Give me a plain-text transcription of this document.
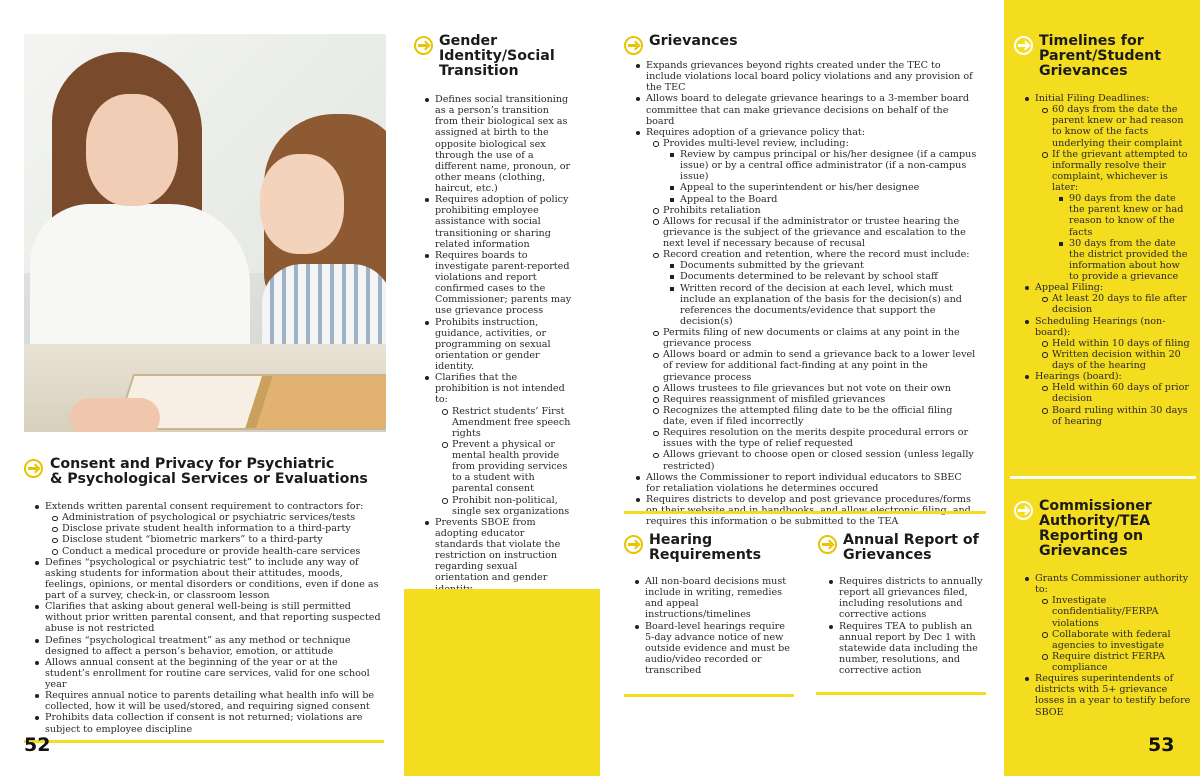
Consent and Privacy for Psychiatric
& Psychological Services or Evaluations
Extends written parental consent requirement to contractors for:
Administration of psychological or psychiatric services/tests
Disclose private student health information to a third-party
Disclose student “biometric markers” to a third-party
Conduct a medical procedure or provide health-care services
Defines “psychological or psychiatric test” to include any way of asking students for information about their attitudes, moods, feelings, opinions, or mental disorders or conditions, even if done as part of a survey, check-in, or classroom lesson
Clarifies that asking about general well-being is still permitted without prior written parental consent, and that reporting suspected abuse is not restricted
Defines “psychological treatment” as any method or technique designed to affect a person’s behavior, emotion, or attitude
Allows annual consent at the beginning of the year or at the student’s enrollment for routine care services, valid for one school year
Requires annual notice to parents detailing what health info will be collected, how it will be used/stored, and requiring signed consent
Prohibits data collection if consent is not returned; violations are subject to employee discipline
52
Gender
Identity/Social
Transition
Defines social transitioning as a person’s transition from their biological sex as assigned at birth to the opposite biological sex through the use of a different name, pronoun, or other means (clothing, haircut, etc.)
Requires adoption of policy prohibiting employee assistance with social transitioning or sharing related information
Requires boards to investigate parent-reported violations and report confirmed cases to the Commissioner; parents may use grievance process
Prohibits instruction, guidance, activities, or programming on sexual orientation or gender identity.
Clarifies that the prohibition is not intended to:
Restrict students’ First Amendment free speech rights
Prevent a physical or mental health provide from providing services to a student with parental consent
Prohibit non-political, single sex organizations
Prevents SBOE from adopting educator standards that violate the restriction on instruction regarding sexual orientation and gender
Grievances
Expands grievances beyond rights created under the TEC to include violations local board policy violations and any provision of the TEC
Allows board to delegate grievance hearings to a 3-member board committee that can make grievance decisions on behalf of the board
Requires adoption of a grievance policy that:
Provides multi-level review, including:
Review by campus principal or his/her designee (if a campus issue) or by a central office administrator (if a non-campus issue)
Appeal to the superintendent or his/her designee
Appeal to the Board
Prohibits retaliation
Allows for recusal if the administrator or trustee hearing the grievance is the subject of the grievance and escalation to the next level if necessary because of recusal
Record creation and retention, where the record must include:
Documents submitted by the grievant
Documents determined to be relevant by school staff
Written record of the decision at each level, which must include an explanation of the basis for the decision(s) and references the documents/evidence that support the decision(s)
Permits filing of new documents or claims at any point in the grievance process
Allows board or admin to send a grievance back to a lower level of review for additional fact-finding at any point in the grievance process
Allows trustees to file grievances but not vote on their own
Requires reassignment of misfiled grievances
Recognizes the attempted filing date to be the official filing date, even if filed incorrectly
Requires resolution on the merits despite procedural errors or issues with the type of relief requested
Allows grievant to choose open or closed session (unless legally restricted)
Allows the Commissioner to report individual educators to SBEC for retaliation violations he determines occured
Requires districts to develop and post grievance procedures/forms requires this information o be submitted to the TEA
Hearing
Requirements
All non-board decisions must include in writing, remedies and appeal instructions/timelines
Board-level hearings require 5-day advance notice of new outside evidence and must be audio/video recorded or transcribed
Annual Report of
Grievances
Requires districts to annually report all grievances filed, including resolutions and corrective actions
Requires TEA to publish an annual report by Dec 1 with statewide data including the number, resolutions, and corrective action
Timelines for
Parent/Student
Grievances
Initial Filing Deadlines:
60 days from the date the parent knew or had reason to know of the facts underlying their complaint
If the grievant attempted to informally resolve their complaint, whichever is later:
90 days from the date the parent knew or had reason to know of the facts
30 days from the date the district provided the information about how to provide a grievance
Appeal Filing:
At least 20 days to file after decision
Scheduling Hearings (non-board):
Held within 10 days of filing
Written decision within 20 days of the hearing
Hearings (board):
Held within 60 days of prior decision
Board ruling within 30 days of hearing
Commissioner
Authority/TEA
Reporting on
Grievances
Grants Commissioner authority to:
Investigate confidentiality/FERPA violations
Collaborate with federal agencies to investigate
Require district FERPA compliance
Requires superintendents of districts with 5+ grievance losses in a year to testify before SBOE
53
